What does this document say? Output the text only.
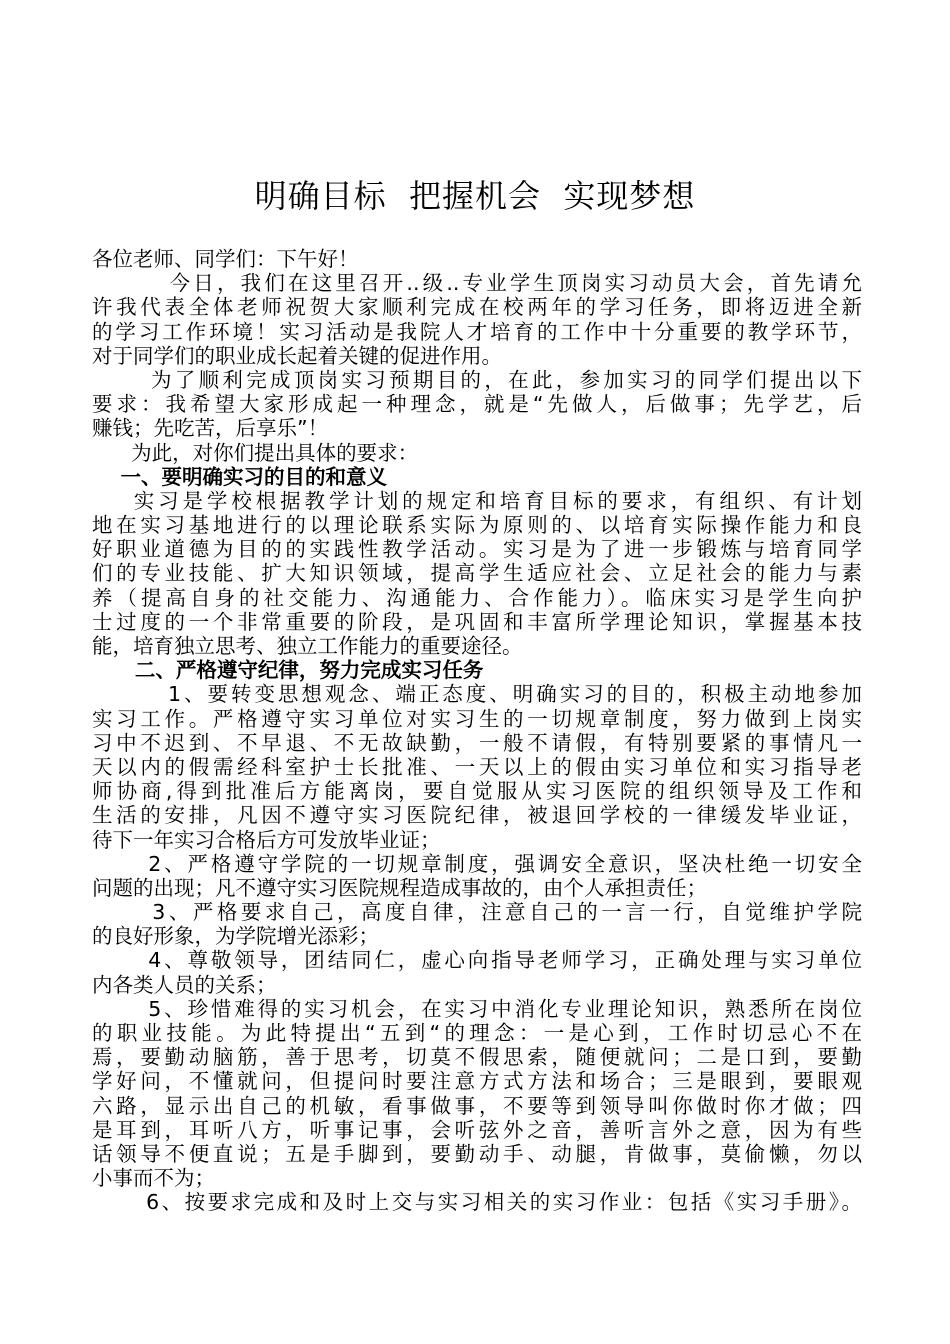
明确目标  把握机会  实现梦想
各位老师、同学们：下午好！
今日，我们在这里召开..级..专业学生顶岗实习动员大会，首先请允
许我代表全体老师祝贺大家顺利完成在校两年的学习任务，即将迈进全新
的学习工作环境！实习活动是我院人才培育的工作中十分重要的教学环节，
对于同学们的职业成长起着关键的促进作用。
为了顺利完成顶岗实习预期目的，在此，参加实习的同学们提出以下
要求：我希望大家形成起一种理念，就是“先做人，后做事；先学艺，后
赚钱；先吃苦，后享乐”！
为此，对你们提出具体的要求：
一、要明确实习的目的和意义
实习是学校根据教学计划的规定和培育目标的要求，有组织、有计划
地在实习基地进行的以理论联系实际为原则的、以培育实际操作能力和良
好职业道德为目的的实践性教学活动。实习是为了进一步锻炼与培育同学
们的专业技能、扩大知识领域，提高学生适应社会、立足社会的能力与素
养（提高自身的社交能力、沟通能力、合作能力）。临床实习是学生向护
士过度的一个非常重要的阶段，是巩固和丰富所学理论知识，掌握基本技
能，培育独立思考、独立工作能力的重要途径。
二、严格遵守纪律，努力完成实习任务
1、要转变思想观念、端正态度、明确实习的目的，积极主动地参加
实习工作。严格遵守实习单位对实习生的一切规章制度，努力做到上岗实
习中不迟到、不早退、不无故缺勤，一般不请假，有特别要紧的事情凡一
天以内的假需经科室护士长批准、一天以上的假由实习单位和实习指导老
师协商,得到批准后方能离岗，要自觉服从实习医院的组织领导及工作和
生活的安排，凡因不遵守实习医院纪律，被退回学校的一律缓发毕业证，
待下一年实习合格后方可发放毕业证；
2、严格遵守学院的一切规章制度，强调安全意识，坚决杜绝一切安全
问题的出现；凡不遵守实习医院规程造成事故的，由个人承担责任；
3、严格要求自己，高度自律，注意自己的一言一行，自觉维护学院
的良好形象，为学院增光添彩；
4、尊敬领导，团结同仁，虚心向指导老师学习，正确处理与实习单位
内各类人员的关系；
5、珍惜难得的实习机会，在实习中消化专业理论知识，熟悉所在岗位
的职业技能。为此特提出“五到“的理念：一是心到，工作时切忌心不在
焉，要勤动脑筋，善于思考，切莫不假思索，随便就问；二是口到，要勤
学好问，不懂就问，但提问时要注意方式方法和场合；三是眼到，要眼观
六路，显示出自己的机敏，看事做事，不要等到领导叫你做时你才做；四
是耳到，耳听八方，听事记事，会听弦外之音，善听言外之意，因为有些
话领导不便直说；五是手脚到，要勤动手、动腿，肯做事，莫偷懒，勿以
小事而不为；
6、按要求完成和及时上交与实习相关的实习作业：包括《实习手册》。
